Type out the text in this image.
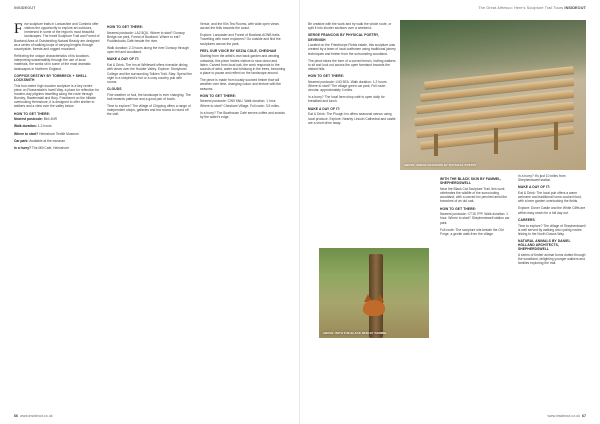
INSIDEOUT

Few sculpture trails in Lancashire and Cumbria offer visitors the opportunity to explore art outdoors, immersed in some of the region's most beautiful landscapes. The Irwell Sculpture Trail and Forest of Bowland Area of Outstanding Natural Beauty are designed as a series of walking loops of varying lengths through countryside, forests and rugged moorland.

Reflecting the unique characteristics of its locations, interpreting sustainability through the use of local materials, the works sit in some of the most dramatic landscapes in Northern England.

COPPICE DESTINY BY TORBRECK + SHELL LOCKSMITH

This four-metre high wooden sculpture is a key centre piece on Rossendale's Irwell Way, a place for reflection for modern-day pilgrims travelling along the route through Burnley, Rawtenstall and Bury. Positioned on the hillside overlooking Helmshore, it is designed to offer shelter to walkers and a view over the valley below.

HOW TO GET THERE:

Nearest postcode: Bb4 4NR

Walk duration: 1-2 hours

Where to start? Helmshore Textile Museum

Car park: Available at the museum

In a hurry? The Mill Cafe, Helmshore

HOW TO GET THERE:

Nearest postcode: LA2 8QU. Where to start? Dunsop Bridge car park, Forest of Bowland. Where to eat? Puddleducks Café beside the river.

Walk duration: 2-3 hours along the river Dunsop through open fell and woodland.

MAKE A DAY OF IT:

Eat & Drink: The Inn at Whitewell offers riverside dining with views over the Hodder Valley. Explore: Stonyhurst College and the surrounding Tolkien Trail. Stay: Spend the night in a shepherd's hut or a cosy country pub with rooms.

CLOUDS

Fine weather or foul, the landscape is ever changing. The trail rewards patience and a good pair of boots.

Time to explore? The village of Chipping offers a range of independent shops, galleries and tea rooms to round off the visit.

Venue, and the Kiln Tea Rooms, with wide open views across the fells towards the coast.

Explore: Lancaster and Forest of Bowland AONB trails. Travelling with more explorers? Go outside and find the sculptures across the park.

FEEL OUR VOICE BY KEZIA COLE, CHESHAM

Starting from the artist's own back garden and winding outwards, this piece invites visitors to slow down and listen. Carved from local oak, the work responds to the sounds of wind, water and birdsong in the trees, becoming a place to pause and reflect on the landscape around.

The piece is made from locally sourced timber that will weather over time, changing colour and texture with the seasons.

HOW TO GET THERE:

Nearest postcode: CW9 6NU. Walk duration: 1 hour. Where to start? Chesham Village. Full route: 3.5 miles.

In a hurry? The Boathouse Café serves coffee and snacks by the water's edge.

66 www.insideout.co.uk
The Great Alfresco: Here's Sculpture Trail Tours INSIDEOUT

Be creative with the work and try walk the whole route, or split it into shorter sections over a weekend.

SERGE FRANCOIS BY PHYSICAL POETRY, DEVENISH

Located on the Friesthorpe Fields estate, this sculpture was created by a team of local craftsmen using traditional joinery techniques and timber from the surrounding woodland.

The piece takes the form of a curved bench, inviting walkers to sit and look out across the open farmland towards the distant hills.

HOW TO GET THERE:

Nearest postcode: LN3 5EA. Walk duration: 1-2 hours. Where to start? The village green car park. Full route: circular, approximately 4 miles.

In a hurry? The local farm shop café is open daily for breakfast and lunch.

MAKE A DAY OF IT:

Eat & Drink: The Plough Inn offers seasonal menus using local produce. Explore: Nearby Lincoln Cathedral and castle are a short drive away.

WITH THE BLACK SKIN BY FAMMEL, SHEPHERDSWELL

Near the Black Cat Sculpture Trail, this work celebrates the wildlife of the surrounding woodland, with a carved fox perched amid the branches of an old oak.

HOW TO GET THERE:

Nearest postcode: CT15 7PP. Walk duration: 1 hour. Where to start? Shepherdswell station car park.

Full route: The sculpture sits beside the Old Forge, a gentle walk from the village.

In a hurry? It's just 10 miles from Shepherdswell station.

MAKE A DAY OF IT:

Eat & Drink: The local pub offers a warm welcome and traditional home-cooked food, with a beer garden overlooking the fields.

Explore: Dover Castle and the White Cliffs are within easy reach for a full day out.

CAREERS

Time to explore? The village of Shepherdswell is well served by walking and cycling routes linking to the North Downs Way.

NATURAL ANIMALS BY DANIEL HOLLAND ARCHITECTS, SHEPHERDSWELL

A series of timber animal forms dotted through the woodland, delighting younger walkers and families exploring the trail.

www.insideout.co.uk 67
ABOVE: SERGE FRANCOIS BY PHYSICAL POETRY
ABOVE: WITH THE BLACK SKIN BY FAMMEL
